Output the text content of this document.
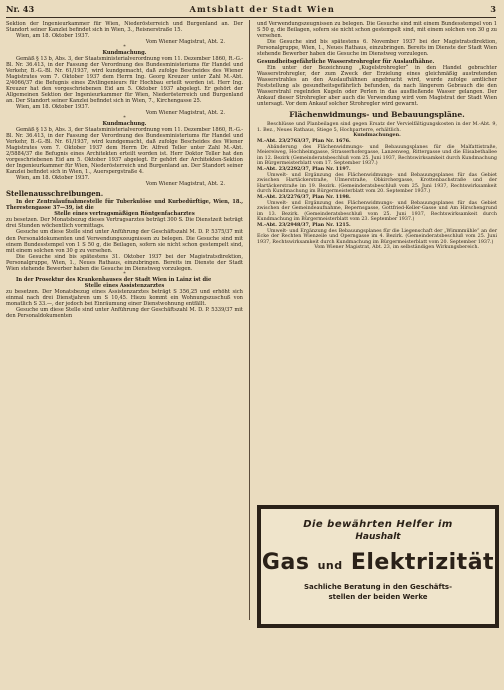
Nr. 43	Amtsblatt der Stadt Wien	3

Sektion der Ingenieurkammer für Wien, Niederösterreich und Burgenland an. Der Standort seiner Kanzlei befindet sich in Wien, 3., Reisnerstraße 15.

Wien, am 18. Oktober 1937.

Vom Wiener Magistrat, Abt. 2.

*

Kundmachung.

Gemäß § 13 b, Abs. 3, der Staatsministerialverordnung vom 11. Dezember 1860, R.-G.-Bl. Nr. 36.413, in der Fassung der Verordnung des Bundesministeriums für Handel und Verkehr, B.-G.-Bl. Nr. 61/1937, wird kundgemacht, daß zufolge Bescheides des Wiener Magistrates vom 7. Oktober 1937 dem Herrn Ing. Georg Kreuzer unter Zahl M.-Abt. 2/4066/37 die Befugnis eines Zivilingenieurs für Hochbau erteilt worden ist. Herr Ing. Kreuzer hat den vorgeschriebenen Eid am 5. Oktober 1937 abgelegt. Er gehört der Allgemeinen Sektion der Ingenieurkammer für Wien, Niederösterreich und Burgenland an. Der Standort seiner Kanzlei befindet sich in Wien, 7., Kirchengasse 25.

Wien, am 18. Oktober 1937.

Vom Wiener Magistrat, Abt. 2.

*

Kundmachung.

Gemäß § 13 b, Abs. 3, der Staatsministerialverordnung vom 11. Dezember 1860, R.-G.-Bl. Nr. 36.413, in der Fassung der Verordnung des Bundesministeriums für Handel und Verkehr, B.-G.-Bl. Nr. 61/1937, wird kundgemacht, daß zufolge Bescheides des Wiener Magistrates vom 7. Oktober 1937 dem Herrn Dr. Alfred Teller unter Zahl M.-Abt. 2/5884/37 die Befugnis eines Architekten erteilt worden ist. Herr Doktor Teller hat den vorgeschriebenen Eid am 5. Oktober 1937 abgelegt. Er gehört der Architekten-Sektion der Ingenieurkammer für Wien, Niederösterreich und Burgenland an. Der Standort seiner Kanzlei befindet sich in Wien, 1., Auerspergstraße 4.

Wien, am 18. Oktober 1937.

Vom Wiener Magistrat, Abt. 2.

Stellenausschreibungen.

In der Zentralaufnahmestelle für Tuberkulöse und Kurbedürftige, Wien, 18., Therestengasse 37—39, ist die

Stelle eines vertragsmäßigen Röntgenfacharztes

zu besetzen. Der Monatsbezug dieses Vertragsarztes beträgt 300 S. Die Dienstzeit beträgt drei Stunden wöchentlich vormittags.

Gesuche um diese Stelle sind unter Anführung der Geschäftszahl M. D. P. 5375/37 mit den Personaldokumenten und Verwendungszeugnissen zu belegen. Die Gesuche sind mit einem Bundesstempel von 1 S 50 g, die Beilagen, sofern sie nicht schon gestempelt sind, mit einem solchen von 30 g zu versehen.

Die Gesuche sind bis spätestens 31. Oktober 1937 bei der Magistratsdirektion, Personalgruppe, Wien, 1., Neues Rathaus, einzubringen. Bereits im Dienste der Stadt Wien stehende Bewerber haben die Gesuche im Dienstweg vorzulegen.

*

In der Prosektur des Krankenhauses der Stadt Wien in Lainz ist die

Stelle eines Assistenzarztes

zu besetzen. Der Monatsbezug eines Assistenzarztes beträgt S 356,25 und erhöht sich einmal nach drei Dienstjahren um S 10,45. Hiezu kommt ein Wohnungszuschuß von monatlich S 33.—, der jedoch bei Einräumung einer Dienstwohnung entfällt.

Gesuche um diese Stelle sind unter Anführung der Geschäftszahl M. D. P. 5339/37 mit den Personaldokumenten

und Verwendungszeugnissen zu belegen. Die Gesuche sind mit einem Bundesstempel von 1 S 50 g, die Beilagen, sofern sie nicht schon gestempelt sind, mit einem solchen von 30 g zu versehen.

Die Gesuche sind bis spätestens 6. November 1937 bei der Magistratsdirektion, Personalgruppe, Wien, 1., Neues Rathaus, einzubringen. Bereits im Dienste der Stadt Wien stehende Bewerber haben die Gesuche im Dienstweg vorzulegen.

Gesundheitsgefährliche Wasserstrohregler für Auslaufhähne.

Ein unter der Bezeichnung „Kugelstrohregler“ in den Handel gebrachter Wasserstrohregler, der zum Zweck der Erzielung eines gleichmäßig austretenden Wasserstrahles an den Auslaufhähnen angebracht wird, wurde zufolge amtlicher Feststellung als gesundheitsgefährlich befunden, da nach längerem Gebrauch die den Wasserstrahl regelnden Kugeln oder Perlen in das ausfließende Wasser gelangen. Der Ankauf dieser Strohregler aber auch die Verwendung wird vom Magistrat der Stadt Wien untersagt. Vor dem Ankauf solcher Strohregler wird gewarnt.

Flächenwidmungs- und Bebauungspläne.

Beschlüsse und Planbeilagen sind gegen Ersatz der Vervielfältigungskosten in der M.-Abt. 9, 1. Bez., Neues Rathaus, Stiege 5, Hochparterre, erhältlich.

Kundmachungen.

M.-Abt. 23/2763/37, Plan Nr. 1676.

Abänderung des Flächenwidmungs- und Bebauungsplanes für die Malfattistraße, Meiereiweg, Hochheimgasse, Strasserhofergasse, Lanzenweg, Rittergasse und die Elisabethallee im 12. Bezirk (Gemeinderatsbeschluß vom 25. Juni 1937, Rechtswirksamkeit durch Kundmachung im Bürgermeisterblatt vom 17. September 1937.)

M.-Abt. 23/2292/37, Plan Nr. 1197.

Umwelt- und Ergänzung des Flächenwidmungs- und Bebauungsplanes für das Gebiet zwischen Hartäckerstraße, Ulmerstraße, Obkirchergasse, Krottenbachstraße und der Hartäckerstraße im 19. Bezirk. (Gemeinderatsbeschluß vom 25. Juni 1937, Rechtswirksamkeit durch Kundmachung im Bürgermeisterblatt vom 20. September 1937.)

M.-Abt. 23/2276/37, Plan Nr. 1198.

Umwelt- und Ergänzung des Flächenwidmungs- und Bebauungsplanes für das Gebiet zwischen der Gemeindeaufnahme, Bepernsgasse, Gottfried-Keller-Gasse und Am Hirschengrund im 13. Bezirk. (Gemeinderatsbeschluß vom 25. Juni 1937, Rechtswirksamkeit durch Kundmachung im Bürgermeisterblatt vom 23. September 1937.)

M.-Abt. 23/2948/37, Plan Nr. 1215.

Umwelt- und Ergänzung des Bebauungsplanes für die Liegenschaft der „Wimmmühle“ an der Ecke der Rechten Wienzeile und Operngasse im 4. Bezirk. (Gemeinderatsbeschluß vom 25. Juni 1937, Rechtswirksamkeit durch Kundmachung im Bürgermeisterblatt vom 20. September 1937.)

Vom Wiener Magistrat, Abt. 23, im selbständigen Wirkungsbereich.

Die bewährten Helfer im
Haushalt
Gas und Elektrizität
Sachliche Beratung in den Geschäfts-
stellen der beiden Werke
